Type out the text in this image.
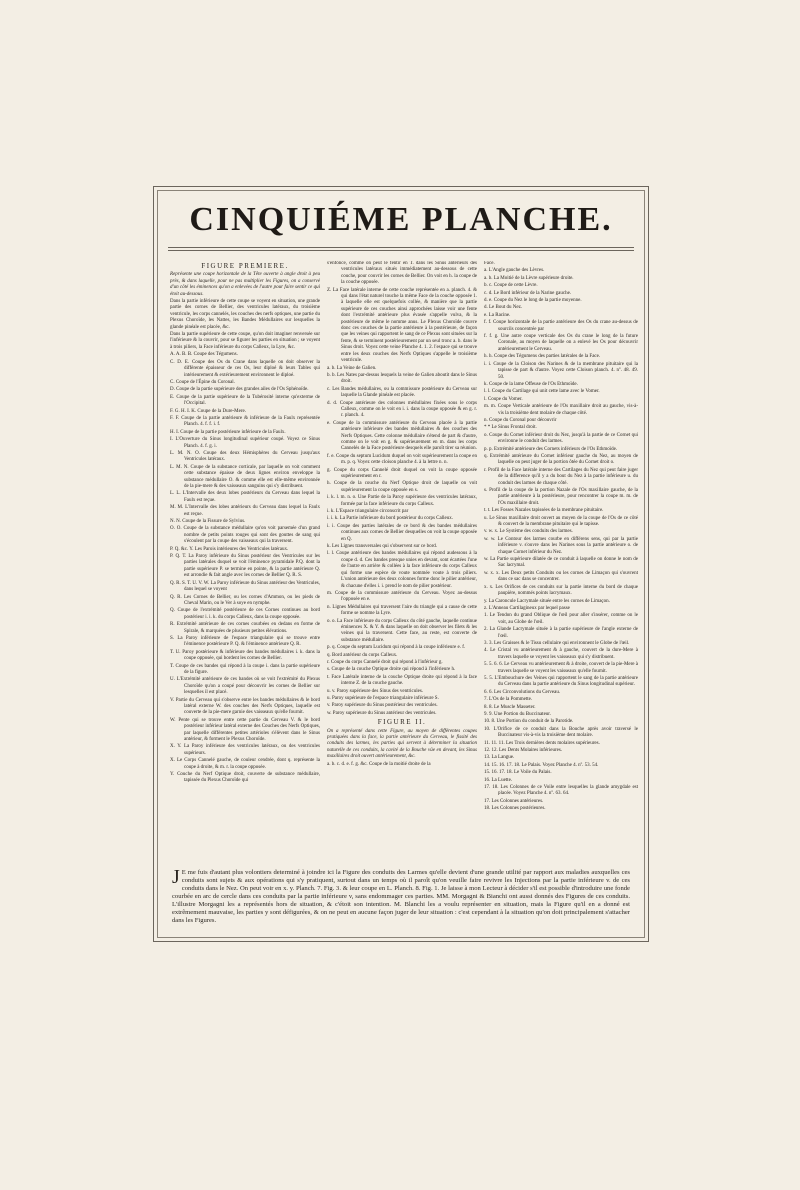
CINQUIÉME PLANCHE.
FIGURE PREMIERE.

Représente une coupe horizontale de la Tête ouverte à angle droit à peu près, & dans laquelle, pour ne pas multiplier les Figures, on a conservé d'un côté les éminences qu'on a enlevées de l'autre pour faire sentir ce qui étoit au-dessous.

Dans la partie inférieure de cette coupe se voyent en situation, une grande partie des cornes de Bellier, des ventricules latéraux, du troisième ventricule, les corps cannelés, les couches des nerfs optiques, une partie du Plexus Choroïde, les Nattes, les Bandes Médullaires sur lesquelles la glande pinéale est placée, &c.

Dans la partie supérieure de cette coupe, qu'on doit imaginer renversée sur l'inférieure & la couvrir, pour se figurer les parties en situation ; se voyent à trois piliers, la Face inférieure du corps Calleux, la Lyre, &c.

A. A. B. B. Coupe des Tégumens.

C. D. E. Coupe des Os du Crane dans laquelle on doit observer la différente épaisseur de ces Os, leur diploé & leurs Tables qui intérieurement & extérieurement environnent le diploé.

C. Coupe de l'Épine du Coronal.

D. Coupe de la partie supérieure des grandes ailes de l'Os Sphénoïde.

E. Coupe de la partie supérieure de la Tubérosité interne qu'exterme de l'Occipital.

F. G. H. I. K. Coupe de la Dure-Mere.

F. F. Coupe de la partie antérieure & inférieure de la Faulx représentée Planch. 4. f. f. i. f.

H. I. Coupe de la partie postérieure inférieure de la Faulx.

I. L'Ouverture du Sinus longitudinal supérieur coupé. Voyez ce Sinus Planch. 4. f. g. i.

L. M. N. O. Coupe des deux Hémisphères du Cerveau jusqu'aux Ventricules latéraux.

L. M. N. Coupe de la substance corticale, par laquelle on voit comment cette substance épaisse de deux lignes environ enveloppe la substance médullaire O. & comme elle est elle-même environnée de la pie-mere & des vaisseaux sanguins qui s'y distribuent.

L. L. L'Intervalle des deux lobes postérieurs du Cerveau dans lequel la Faulx est reçue.

M. M. L'Intervalle des lobes antérieurs du Cerveau dans lequel la Faulx est reçue.

N. N. Coupe de la Fissure de Sylvius.

O. O. Coupe de la substance médullaire qu'on voit parsemée d'un grand nombre de petits points rouges qui sont des gouttes de sang qui s'écoulent par la coupe des vaisseaux qui la traversent.

P. Q. &c. Y. Les Parois intérieures des Ventricules latéraux.

P. Q. T. La Paroy inférieure du Sinus postérieur des Ventricules sur les parties latérales duquel se voit l'éminence pyramidale P.Q. dont la partie supérieure P. se termine en pointe, & la partie antérieure Q. est arrondie & fait angle avec les cornes de Bellier Q. R. S.

Q. R. S. T. U. V. W. La Paroy inférieure du Sinus antérieur des Ventricules, dans lequel se voyent

Q. R. Les Cornes de Bellier, ou les cornes d'Ammon, ou les pieds de Cheval Marin, ou le Ver à soye en nymphe.

Q. Coupe de l'extrémité postérieure de ces Cornes continues au bord postérieur i. i. k. du corps Calleux, dans la coupe opposée.

R. Extrémité antérieure de ces cornes courbées en dedans en forme de Spirale, & marquées de plusieurs petites élévations.

S. La Paroy inférieure de l'espace triangulaire qui se trouve entre l'éminence postérieure P. Q. & l'éminence antérieure Q. R.

T. U. Paroy postérieure & inférieure des bandes médullaires i. k. dans la coupe opposée, qui bordent les cornes de Bellier.

T. Coupe de ces bandes qui répond à la coupe i. dans la partie supérieure de la figure.

U. L'Extrémité antérieure de ces bandes où se voit l'extrémité du Plexus Choroïde qu'on a coupé pour découvrir les cornes de Bellier sur lesquelles il est placé.

V. Partie du Cerveau qui s'observe entre les bandes médullaires & le bord latéral externe W. des couches des Nerfs Optiques, laquelle est couverte de la pie-mere garnie des vaisseaux qu'elle fournit.

W. Pente qui se trouve entre cette partie du Cerveau V. & le bord postérieur inférieur latéral externe des Couches des Nerfs Optiques, par laquelle différentes petites artérioles s'élèvent dans le Sinus antérieur, & forment le Plexus Choroïde.

X. Y. La Paroy inférieure des ventricules latéraux, ou des ventricules supérieurs.

X. Le Corps Cannelé gauche, de couleur cendrée, dont q. représente la coupe à droite, & m. r. la coupe opposée.

Y. Couche du Nerf Optique droit, couverte de substance médullaire, tapissée du Plexus Choroïde qui

s'enfonce, comme on peut le fentir en T. dans les Sinus antérieurs des ventricules latéraux situés immédiatement au-dessous de cette couche, pour couvrir les cornes de Bellier. On voit en h. la coupe de la couche opposée.

Z. La Face latérale interne de cette couche représentée en a. planch. 4. & qui dans l'état naturel touche la même Face de la couche opposée 1. à laquelle elle est quelquefois collée, & manière que la partie supérieure de ces couches ainsi approchées laisse voir une fente dont l'extrémité antérieure plus évasée s'appelle vulva, & la postérieure de même le nomme anus. Le Plexus Choroïde couvre donc ces couches de la partie antérieure à la postérieure, de façon que les veines qui rapportent le sang de ce Plexus sont situées sur la fente, & se terminent postérieurement par un seul tronc a. b. dans le Sinus droit. Voyez cette veine Planche 4. 1. 2. l'espace qui se trouve entre les deux couches des Nerfs Optiques s'appelle le troisième ventricule.

a. b. La Veine de Galien.

b. b. Les Nates par-dessus lesquels la veine de Galien aboutit dans le Sinus droit.

c. Les Bandes médullaires, ou la commissure postérieure du Cerveau sur laquelle la Glande pinéale est placée.

d. d. Coupe antérieure des colonnes médullaires fixées sous le corps Calleux, comme on le voit en i. i. dans la coupe opposée & en g. r. r. planch. 4.

e. Coupe de la commissure antérieure du Cerveau placée à la partie antérieure inférieure des bandes médullaires & des couches des Nerfs Optiques. Cette colonne médullaire s'étend de part & d'autre, comme on le voit en g. & supérieurement en m. dans les corps Cannelés de la Face postérieure desquels elle paroît tirer sa réunion.

f. e. Coupe du septum Lucidum duquel on voit supérieurement la coupe en m. p. q. Voyez cette cloison planche 4. à la lettre n. n.

g. Coupe du corps Cannelé droit duquel on voit la coupe opposée supérieurement en r.

h. Coupe de la couche du Nerf Optique droit de laquelle on voit supérieurement la coupe opposée en s.

i. k. l. m. n. o. Une Partie de la Paroy supérieure des ventricules latéraux, formée par la face inférieure du corps Calleux.

i. k. L'Espace triangulaire circonscrit par

i. i. k. La Partie inférieure du bord postérieur du corps Calleux.

i. i. Coupe des parties latérales de ce bord & des bandes médullaires continues aux cornes de Bellier desquelles on voit la coupe opposée en Q.

k. Les Lignes transversales qui s'observent sur ce bord.

l. l. Coupe antérieure des bandes médullaires qui répond audessous à la coupe d. d. Ces bandes presque unies en devant, sont écartées l'une de l'autre en arrière & collées à la face inférieure du corps Calleux qui forme une espèce de voute nommée voute à trois piliers. L'union antérieure des deux colonnes forme donc le pilier antérieur, & chacune d'elles i. i. prend le nom de pilier postérieur.

m. Coupe de la commissure antérieure du Cerveau. Voyez au-dessus l'opposée en e.

n. Lignes Médullaires qui traversent l'aire du triangle qui a cause de cette forme se nomme la Lyre.

o. o. La Face inférieure du corps Calleux du côté gauche, laquelle continue éminences X. & Y. & dans laquelle on doit observer les filets & les veines qui la traversent. Cette face, au reste, est couverte de substance médullaire.

p. q. Coupe du septum Lucidum qui répond à la coupe inférieure e. f.

q. Bord antérieur du corps Calleux.

r. Coupe du corps Cannelé droit qui répond à l'inférieur g.

s. Coupe de la couche Optique droite qui répond à l'inférieure h.

t. Face Latérale interne de la couche Optique droite qui répond à la face interne Z. de la couche gauche.

u. v. Paroy supérieure des Sinus des ventricules.

u. Paroy supérieure de l'espace triangulaire inférieure S.

v. Paroy supérieure du Sinus postérieur des ventricules.

w. Paroy supérieure du Sinus antérieur des ventricules.

FIGURE II.

On a représenté dans cette Figure, au moyen de différentes coupes pratiquées dans la face, la partie antérieure du Cerveau, le fissité des conduits des larmes, les parties qui servent à déterminer la situation naturelle de ces conduits, la cavité de la Bouche vûe en devant, les Sinus maxillaires droit ouvert antérieurement, &c.

a. b. c. d. e. f. g. &c. Coupe de la moitié droite de la

Face.

a. L'Angle gauche des Lèvres.

a. b. La Moitié de la Lèvre supérieure droite.

b. c. Coupe de cette Lèvre.

c. d. Le Bord inférieur de la Narine gauche.

d. e. Coupe du Nez le long de la partie moyenne.

d. Le Bout du Nez.

e. La Racine.

f. f. Coupe horizontale de la partie antérieure des Os du crane au-dessus de sourcils concentrée par

f. f. g. Une autre coupe verticale des Os du crane le long de la future Coronale, au moyen de laquelle on a enlevé les Os pour découvrir antérieurement le Cerveau.

h. h. Coupe des Tégumens des parties latérales de la Face.

i. i. Coupe de la Cloison des Narines & de la membrane pituitaire qui la tapisse de part & d'autre. Voyez cette Cloison planch. 4. nº. 48. 49. 50.

k. Coupe de la lame Offeuse de l'Os Ethmoïde.

l. l. Coupe du Cartilage qui unit cette lame avec le Vomer.

l. Coupe du Vomer.

m. m. Coupe Verticale antérieure de l'Os maxillaire droit au gauche, vis-à-vis la troisième dent molaire de chaque côté.

n. Coupe du Coronal pour découvrir

* * Le Sinus Frontal droit.

o. Coupe du Cornet inférieur droit du Nez, jusqu'à la partie de ce Cornet qui environne le conduit des larmes.

p. p. Extrémité antérieure des Cornets inférieurs de l'Os Ethmoïde.

q. Extrémité antérieure du Cornet inférieur gauche du Nez, au moyen de laquelle on peut juger de la portion ôtée du Cornet droit o.

r. Profil de la Face latérale interne des Cartilages du Nez qui peut faire juger de la difference qu'il y a du bout du Nez à la partie inférieure u. du conduit des larmes de chaque côté.

s. Profil de la coupe de la portion Nazale de l'Os maxillaire gauche, de la partie antérieure à la postérieure, pour rencontrer la coupe m. m. de l'Os maxillaire droit.

t. t. Les Fosses Nazales tapissées de la membrane pituitaire.

u. Le Sinus maxillaire droit ouvert au moyen de la coupe de l'Os de ce côté & couvert de la membrane pituitaire qui le tapisse.

v. w. x. Le Système des conduits des larmes.

w. w. Le Contour des larmes courbe en différens sens, qui par la partie inférieure v. s'ouvre dans les Narines sous la partie antérieure o. de chaque Cornet inférieur du Nez.

w. La Partie supérieure dilatée de ce conduit à laquelle on donne le nom de Sac lacrymal.

w. x. x. Les Deux petits Conduits ou les cornes de Limaçon qui s'ouvrent dans ce sac dans se concentrer.

x. x. Les Orifices de ces conduits sur la partie interne du bord de chaque paupière, nommés points lacrymaux.

y. La Caroncule Lacrymale située entre les cornes de Limaçon.

z. L'Anneau Cartilagineux par lequel passe

1. Le Tendon du grand Oblique de l'œil pour aller s'insérer, comme on le voit, au Globe de l'œil.

2. La Glande Lacrymale située à la partie supérieure de l'angle externe de l'œil.

3. 3. Les Graisses & le Tissu cellulaire qui environnent le Globe de l'œil.

4. Le Cristal vu antérieurement & à gauche, couvert de la dure-Mere à travers laquelle se voyent les vaisseaux qui s'y distribuent.

5. 5. 6. 6. Le Cerveau vu antérieurement & à droite, couvert de la pie-Mere à travers laquelle se voyent les vaisseaux qu'elle fournit.

5. 5. L'Embouchure des Veines qui rapportent le sang de la partie antérieure du Cerveau dans la partie antérieure du Sinus longitudinal supérieur.

6. 6. Les Circonvolutions du Cerveau.

7. L'Os de la Pommette.

8. 8. Le Muscle Masseter.

9. 9. Une Portion du Buccinateur.

10. 8. Une Portion du conduit de la Parotide.

10. L'Orifice de ce conduit dans la Bouche après avoir traversé le Buccinateur vis-à-vis la troisième dent molaire.

11. 11. 11. Les Trois dernières dents molaires supérieures.

12. 12. Les Dents Molaires inférieures.

13. La Langue.

14. 15. 16. 17. 18. Le Palais. Voyez Planche 4. nº. 53. 54.

15. 16. 17. 18. Le Voile du Palais.

16. La Luette.

17. 18. Les Colonnes de ce Voile entre lesquelles la glande amygdale est placée. Voyez Planche 4. nº. 63. 64.

17. Les Colonnes antérieures.

18. Les Colonnes postérieures.

J E me fuis d'autant plus volontiers determiné à joindre ici la Figure des conduits des Larmes qu'elle devient d'une grande utilité par rapport aux maladies auxquelles ces conduits sont sujets & aux opérations qui s'y pratiquent, surtout dans un temps où il paroît qu'on veuille faire revivre les Injections par la partie inférieure v. de ces conduits dans le Nez. On peut voir en x. y. Planch. 7. Fig. 3. & leur coupe en L. Planch. 8. Fig. 1. Je laisse à mon Lecteur à décider s'il est possible d'introduire une fonde courbée en arc de cercle dans ces conduits par la partie inférieure v, sans endommager ces parties. MM. Morgagni & Bianchi ont aussi donnés des Figures de ces conduits. L'illustre Morgagni les a représentés hors de situation, & c'étoit son intention. M. Blanchi les a voulu représenter en situation, mais la Figure qu'il en a donné est extrêmement mauvaise, les parties y sont défigurées, & on ne peut en aucune façon juger de leur situation : c'est cependant à la situation qu'on doit principalement s'attacher dans les Figures.
